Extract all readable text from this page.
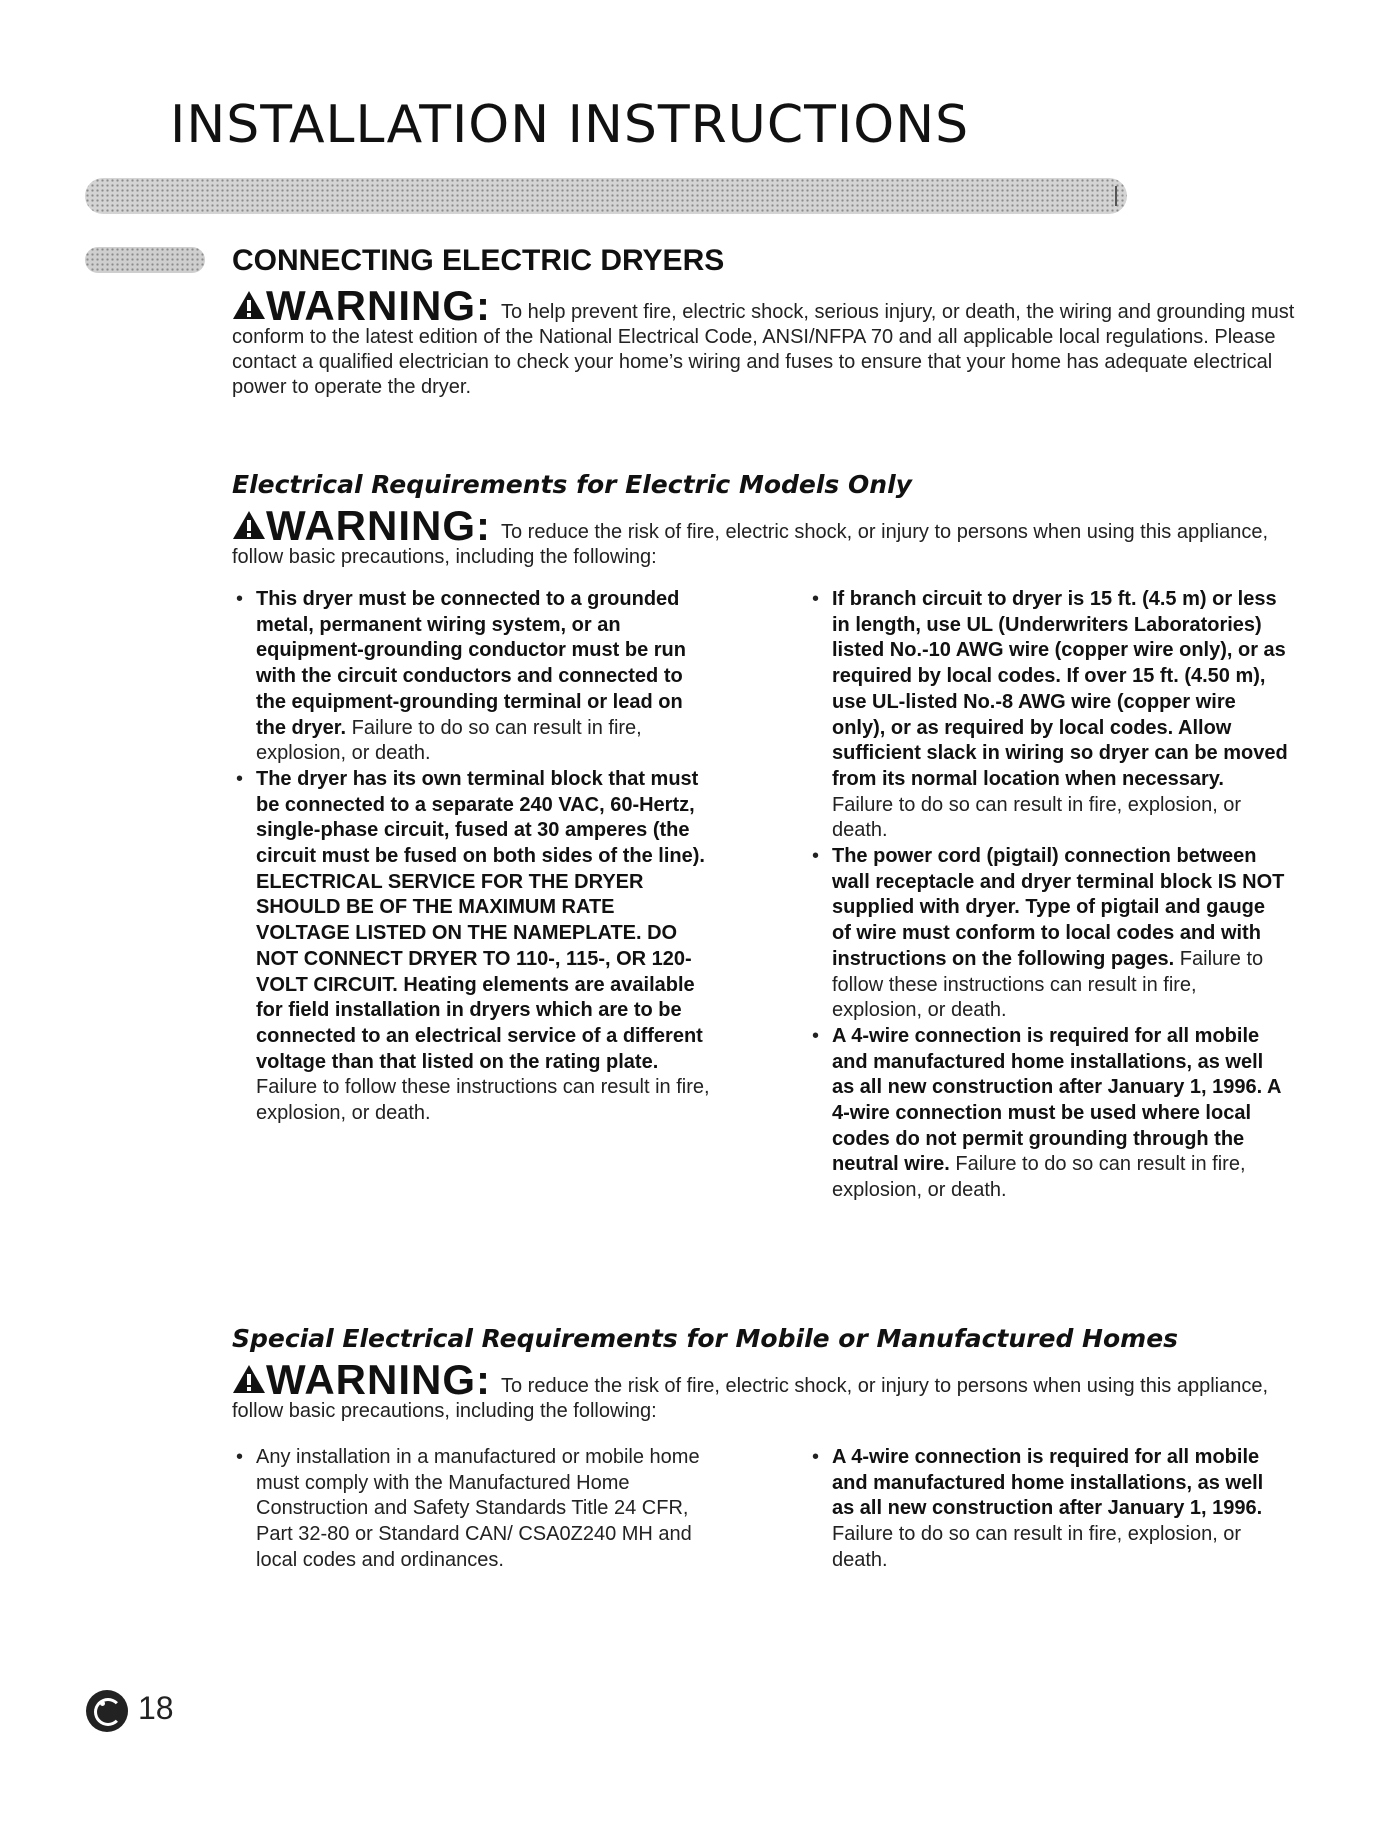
INSTALLATION INSTRUCTIONS
CONNECTING ELECTRIC DRYERS
WARNING: To help prevent fire, electric shock, serious injury, or death, the wiring and grounding must conform to the latest edition of the National Electrical Code, ANSI/NFPA 70 and all applicable local regulations. Please contact a qualified electrician to check your home’s wiring and fuses to ensure that your home has adequate electrical power to operate the dryer.
Electrical Requirements for Electric Models Only
WARNING: To reduce the risk of fire, electric shock, or injury to persons when using this appliance, follow basic precautions, including the following:
• This dryer must be connected to a grounded metal, permanent wiring system, or an equipment-grounding conductor must be run with the circuit conductors and connected to the equipment-grounding terminal or lead on the dryer. Failure to do so can result in fire, explosion, or death.
• The dryer has its own terminal block that must be connected to a separate 240 VAC, 60-Hertz, single-phase circuit, fused at 30 amperes (the circuit must be fused on both sides of the line). ELECTRICAL SERVICE FOR THE DRYER SHOULD BE OF THE MAXIMUM RATE VOLTAGE LISTED ON THE NAMEPLATE. DO NOT CONNECT DRYER TO 110-, 115-, OR 120-VOLT CIRCUIT. Heating elements are available for field installation in dryers which are to be connected to an electrical service of a different voltage than that listed on the rating plate. Failure to follow these instructions can result in fire, explosion, or death.
• If branch circuit to dryer is 15 ft. (4.5 m) or less in length, use UL (Underwriters Laboratories) listed No.-10 AWG wire (copper wire only), or as required by local codes. If over 15 ft. (4.50 m), use UL-listed No.-8 AWG wire (copper wire only), or as required by local codes. Allow sufficient slack in wiring so dryer can be moved from its normal location when necessary. Failure to do so can result in fire, explosion, or death.
• The power cord (pigtail) connection between wall receptacle and dryer terminal block IS NOT supplied with dryer. Type of pigtail and gauge of wire must conform to local codes and with instructions on the following pages. Failure to follow these instructions can result in fire, explosion, or death.
• A 4-wire connection is required for all mobile and manufactured home installations, as well as all new construction after January 1, 1996. A 4-wire connection must be used where local codes do not permit grounding through the neutral wire. Failure to do so can result in fire, explosion, or death.
Special Electrical Requirements for Mobile or Manufactured Homes
WARNING: To reduce the risk of fire, electric shock, or injury to persons when using this appliance, follow basic precautions, including the following:
• Any installation in a manufactured or mobile home must comply with the Manufactured Home Construction and Safety Standards Title 24 CFR, Part 32-80 or Standard CAN/ CSA0Z240 MH and local codes and ordinances.
• A 4-wire connection is required for all mobile and manufactured home installations, as well as all new construction after January 1, 1996. Failure to do so can result in fire, explosion, or death.
18
